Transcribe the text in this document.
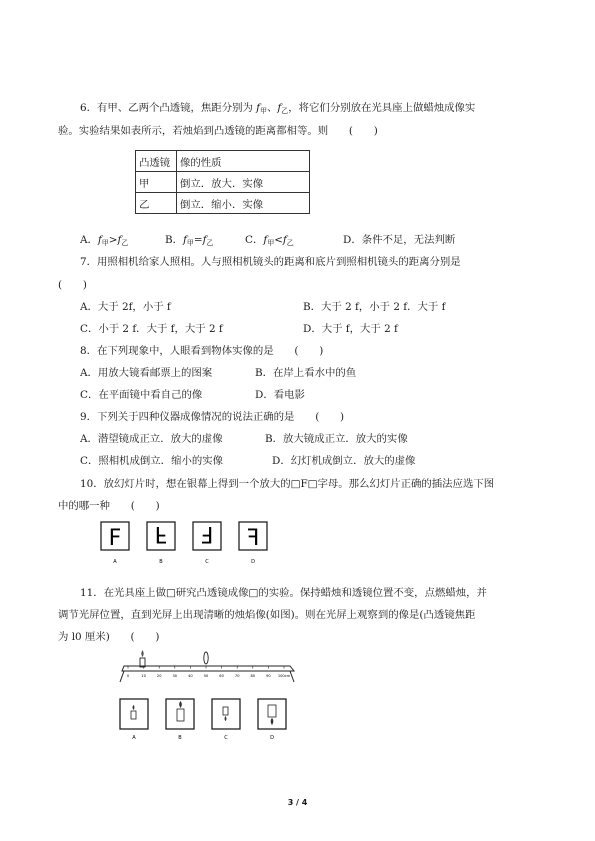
6．有甲、乙两个凸透镜，焦距分别为 $f_甲$、$f_乙$，将它们分别放在光具座上做蜡烛成像实
验。实验结果如表所示，若烛焰到凸透镜的距离都相等。则　　(　　)
凸透镜	像的性质
甲	倒立．放大．实像
乙	倒立．缩小．实像
A．$f_甲>f_乙$	B．$f_甲=f_乙$	C．$f_甲<f_乙$	D．条件不足，无法判断
7．用照相机给家人照相。人与照相机镜头的距离和底片到照相机镜头的距离分别是
(　　)
A．大于 2f，小于 f	B．大于 2 f，小于 2 f．大于 f
C．小于 2 f．大于 f，大于 2 f	D．大于 f，大于 2 f
8．在下列现象中，人眼看到物体实像的是　　(　　)
A．用放大镜看邮票上的图案	B．在岸上看水中的鱼
C．在平面镜中看自己的像	D．看电影
9．下列关于四种仪器成像情况的说法正确的是　　(　　)
A．潜望镜成正立．放大的虚像	B．放大镜成正立．放大的实像
C．照相机成倒立．缩小的实像	D．幻灯机成倒立．放大的虚像
10．放幻灯片时，想在银幕上得到一个放大的□F□字母。那么幻灯片正确的插法应选下图
中的哪一种　　(　　)
F
A
F
B
F
C
F
D
11．在光具座上做□研究凸透镜成像□的实验。保持蜡烛和透镜位置不变，点燃蜡烛，并
调节光屏位置，直到光屏上出现清晰的烛焰像(如图)。则在光屏上观察到的像是(凸透镜焦距
为 l0 厘米)　　(　　)
0	10	20	30	40	50	60	70	80	90 100cm
A	B	C	D
3 / 4
